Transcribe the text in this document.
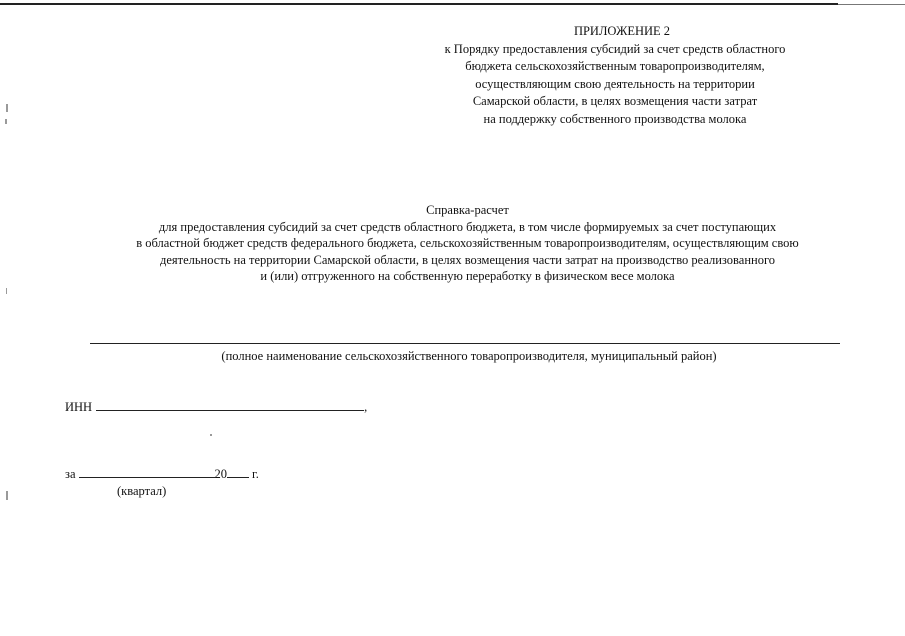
ПРИЛОЖЕНИЕ 2
к Порядку предоставления субсидий за счет средств областного
бюджета сельскохозяйственным товаропроизводителям,
осуществляющим свою деятельность на территории
Самарской области, в целях возмещения части затрат
на поддержку собственного производства молока
Справка-расчет
для предоставления субсидий за счет средств областного бюджета, в том числе формируемых за счет поступающих
в областной бюджет средств федерального бюджета, сельскохозяйственным товаропроизводителям, осуществляющим свою
деятельность на территории Самарской области, в целях возмещения части затрат на производство реализованного
и (или) отгруженного на собственную переработку в физическом весе молока
(полное наименование сельскохозяйственного товаропроизводителя, муниципальный район)
ИНН	,
за	20 г.
(квартал)
